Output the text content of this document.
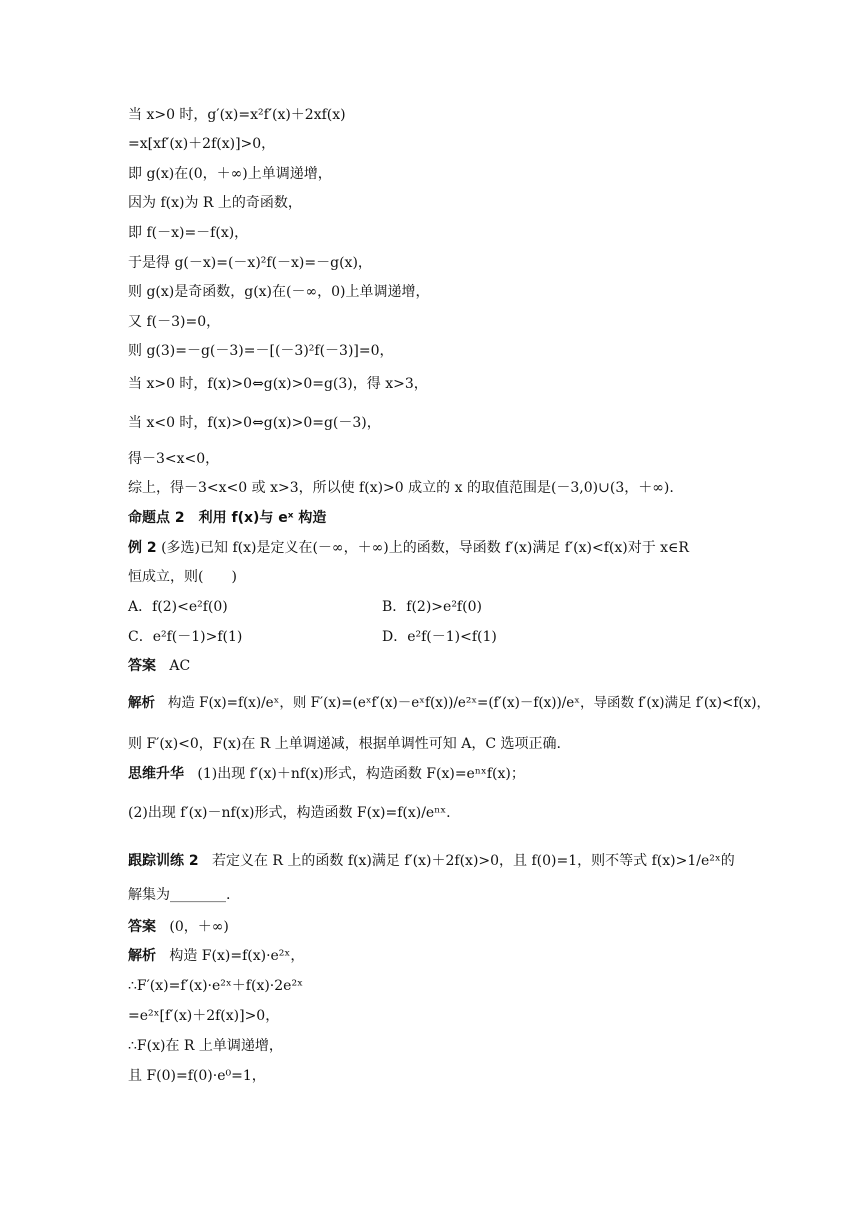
当 x>0 时，g′(x)=x²f′(x)＋2xf(x)
=x[xf′(x)＋2f(x)]>0，
即 g(x)在(0，＋∞)上单调递增，
因为 f(x)为 R 上的奇函数，
即 f(－x)=－f(x)，
于是得 g(－x)=(－x)²f(－x)=－g(x)，
则 g(x)是奇函数，g(x)在(－∞，0)上单调递增，
又 f(－3)=0，
则 g(3)=－g(－3)=－[(－3)²f(－3)]=0，
当 x>0 时，f(x)>0⇔g(x)>0=g(3)，得 x>3，
当 x<0 时，f(x)>0⇔g(x)>0=g(－3)，
得－3<x<0，
综上，得－3<x<0 或 x>3，所以使 f(x)>0 成立的 x 的取值范围是(－3,0)∪(3，＋∞).
命题点 2　利用 f(x)与 eˣ 构造
例 2 (多选)已知 f(x)是定义在(－∞，＋∞)上的函数，导函数 f′(x)满足 f′(x)<f(x)对于 x∈R
恒成立，则(　　)
A．f(2)<e²f(0)	B．f(2)>e²f(0)
C．e²f(－1)>f(1)	D．e²f(－1)<f(1)
答案 AC
解析 构造 F(x)=f(x)/eˣ，则 F′(x)=(eˣf′(x)－eˣf(x))/e²ˣ=(f′(x)－f(x))/eˣ，导函数 f′(x)满足 f′(x)<f(x)，
则 F′(x)<0，F(x)在 R 上单调递减，根据单调性可知 A，C 选项正确.
思维升华 (1)出现 f′(x)＋nf(x)形式，构造函数 F(x)=eⁿˣf(x)；
(2)出现 f′(x)－nf(x)形式，构造函数 F(x)=f(x)/eⁿˣ.
跟踪训练 2 若定义在 R 上的函数 f(x)满足 f′(x)＋2f(x)>0，且 f(0)=1，则不等式 f(x)>1/e²ˣ的
解集为________.
答案 (0，＋∞)
解析 构造 F(x)=f(x)·e²ˣ，
∴F′(x)=f′(x)·e²ˣ＋f(x)·2e²ˣ
=e²ˣ[f′(x)＋2f(x)]>0，
∴F(x)在 R 上单调递增，
且 F(0)=f(0)·e⁰=1，
